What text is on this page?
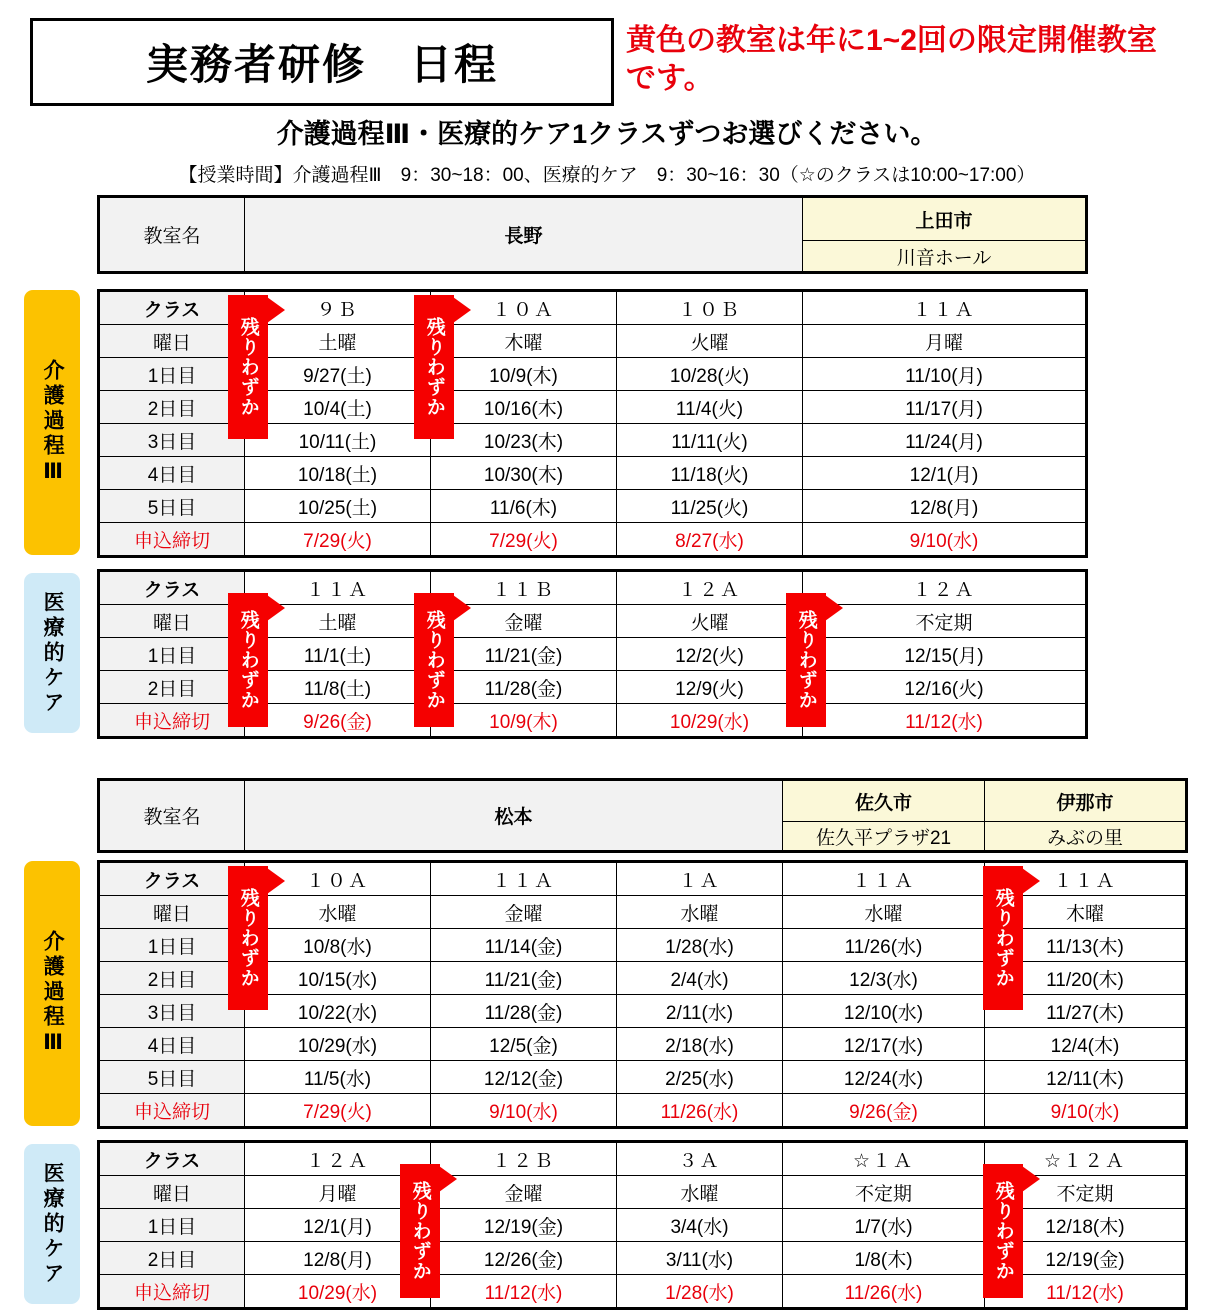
実務者研修　日程
黄色の教室は年に1~2回の限定開催教室です。
介護過程Ⅲ・医療的ケア1クラスずつお選びください。
【授業時間】介護過程Ⅲ　9：30~18：00、医療的ケア　9：30~16：30（☆のクラスは10:00~17:00）
介護過程Ⅲ
医療的ケア
教室名	長野	上田市
川音ホール
クラス	９Ｂ	１０Ａ	１０Ｂ	１１Ａ
曜日	土曜	木曜	火曜	月曜
1日目	9/27(土)	10/9(木)	10/28(火)	11/10(月)
2日目	10/4(土)	10/16(木)	11/4(火)	11/17(月)
3日目	10/11(土)	10/23(木)	11/11(火)	11/24(月)
4日目	10/18(土)	10/30(木)	11/18(火)	12/1(月)
5日目	10/25(土)	11/6(木)	11/25(火)	12/8(月)
申込締切	7/29(火)	7/29(火)	8/27(水)	9/10(水)
残りわずか	残りわずか
クラス	１１Ａ	１１Ｂ	１２Ａ	１２Ａ
曜日	土曜	金曜	火曜	不定期
1日目	11/1(土)	11/21(金)	12/2(火)	12/15(月)
2日目	11/8(土)	11/28(金)	12/9(火)	12/16(火)
申込締切	9/26(金)	10/9(木)	10/29(水)	11/12(水)
残りわずか	残りわずか	残りわずか
介護過程Ⅲ
医療的ケア
教室名	松本	佐久市	伊那市
		佐久平プラザ21	みぶの里
クラス	１０Ａ	１１Ａ	１Ａ	１１Ａ	１１Ａ
曜日	水曜	金曜	水曜	水曜	木曜
1日目	10/8(水)	11/14(金)	1/28(水)	11/26(水)	11/13(木)
2日目	10/15(水)	11/21(金)	2/4(水)	12/3(水)	11/20(木)
3日目	10/22(水)	11/28(金)	2/11(水)	12/10(水)	11/27(木)
4日目	10/29(水)	12/5(金)	2/18(水)	12/17(水)	12/4(木)
5日目	11/5(水)	12/12(金)	2/25(水)	12/24(水)	12/11(木)
申込締切	7/29(火)	9/10(水)	11/26(水)	9/26(金)	9/10(水)
残りわずか	残りわずか
クラス	１２Ａ	１２Ｂ	３Ａ	☆１Ａ	☆１２Ａ
曜日	月曜	金曜	水曜	不定期	不定期
1日目	12/1(月)	12/19(金)	3/4(水)	1/7(水)	12/18(木)
2日目	12/8(月)	12/26(金)	3/11(水)	1/8(木)	12/19(金)
申込締切	10/29(水)	11/12(水)	1/28(水)	11/26(水)	11/12(水)
残りわずか	残りわずか
